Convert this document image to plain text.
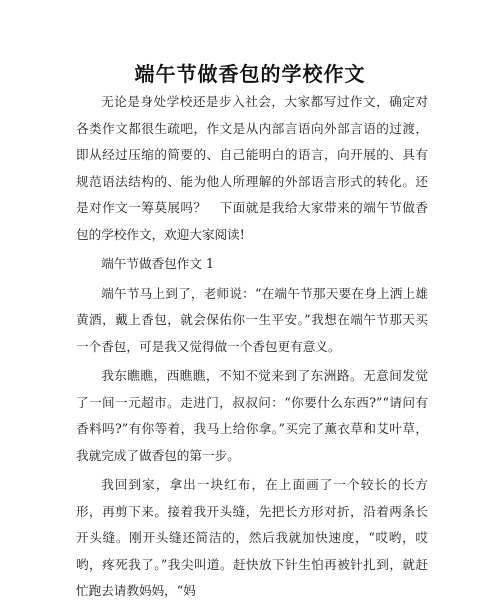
端午节做香包的学校作文

无论是身处学校还是步入社会，大家都写过作文，确定对各类作文都很生疏吧，作文是从内部言语向外部言语的过渡，即从经过压缩的简要的、自己能明白的语言，向开展的、具有规范语法结构的、能为他人所理解的外部语言形式的转化。还是对作文一筹莫展吗？　下面就是我给大家带来的端午节做香包的学校作文，欢迎大家阅读!

端午节做香包作文 1

端午节马上到了，老师说：“在端午节那天要在身上洒上雄黄酒，戴上香包，就会保佑你一生平安。”我想在端午节那天买一个香包，可是我又觉得做一个香包更有意义。

我东瞧瞧，西瞧瞧，不知不觉来到了东洲路。无意间发觉了一间一元超市。走进门，叔叔问：“你要什么东西?”“请问有香料吗?”有你等着，我马上给你拿。”买完了薰衣草和艾叶草，我就完成了做香包的第一步。

我回到家，拿出一块红布，在上面画了一个较长的长方形，再剪下来。接着我开头缝，先把长方形对折，沿着两条长开头缝。刚开头缝还简洁的，然后我就加快速度，“哎哟，哎哟，疼死我了。”我尖叫道。赶快放下针生怕再被针扎到，就赶忙跑去请教妈妈，“妈
